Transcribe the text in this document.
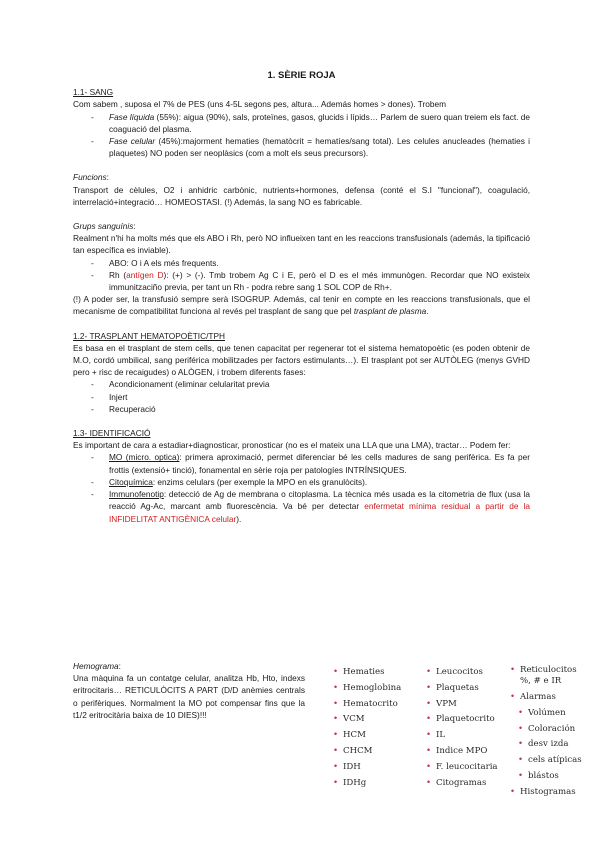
1. SÈRIE ROJA
1.1- SANG
Com sabem , suposa el 7% de PES (uns 4-5L segons pes, altura... Además homes > dones). Trobem
- Fase líquida (55%): aigua (90%), sals, proteïnes, gasos, glucids i lípids… Parlem de suero quan treiem els fact. de coaguació del plasma.
- Fase celular (45%):majorment hematies (hematòcrit = hematíes/sang total). Les celules anucleades (hematies i plaquetes) NO poden ser neoplàsics (com a molt els seus precursors).
Funcions:
Transport de cèlules, O2 i anhidric carbònic, nutrients+hormones, defensa (conté el S.I "funcional"), coagulació, interrelació+integració… HOMEOSTASI. (!) Además, la sang NO es fabricable.
Grups sanguínis:
Realment n'hi ha molts més que els ABO i Rh, però NO influeixen tant en les reaccions transfusionals (además, la tipificació tan específica es inviable).
- ABO: O i A els més frequents.
- Rh (antígen D): (+) > (-). Tmb trobem Ag C i E, però el D es el més immunògen. Recordar que NO existeix immunitzaciño previa, per tant un Rh - podra rebre sang 1 SOL COP de Rh+.
(!) A poder ser, la transfusió sempre serà ISOGRUP. Además, cal tenir en compte en les reaccions transfusionals, que el mecanisme de compatibilitat funciona al revés pel trasplant de sang que pel trasplant de plasma.
1.2- TRASPLANT HEMATOPOÈTIC/TPH
Es basa en el trasplant de stem cells, que tenen capacitat per regenerar tot el sistema hematopoètic (es poden obtenir de M.O, cordó umbilical, sang periférica mobilitzades per factors estimulants…). El trasplant pot ser AUTÒLEG (menys GVHD pero + risc de recaigudes) o ALÒGEN, i trobem diferents fases:
- Acondicionament (eliminar celularitat previa
- Injert
- Recuperació
1.3- IDENTIFICACIÓ
Es important de cara a estadiar+diagnosticar, pronosticar (no es el mateix una LLA que una LMA), tractar… Podem fer:
- MO (micro. optica): primera aproximació, permet diferenciar bé les cells madures de sang perifèrica. Es fa per frottis (extensió+ tinció), fonamental en sèrie roja per patologíes INTRÍNSIQUES.
- Citoquímica: enzims celulars (per exemple la MPO en els granulòcits).
- Immunofenotip: detecció de Ag de membrana o citoplasma. La tècnica més usada es la citometria de flux (usa la reacció Ag-Ac, marcant amb fluorescència. Va bé per detectar enfermetat mínima residual a partir de la INFIDELITAT ANTIGÈNICA celular).
Hemograma:
Una màquina fa un contatge celular, analitza Hb, Hto, indexs eritrocitaris… RETICULÒCITS A PART (D/D anèmies centrals o perifèriques. Normalment la MO pot compensar fins que la t1/2 eritrocitària baixa de 10 DIES)!!!
• Hematies
• Hemoglobina
• Hematocrito
• VCM
• HCM
• CHCM
• IDH
• IDHg
• Leucocitos
• Plaquetas
• VPM
• Plaquetocrito
• IL
• Indice MPO
• F. leucocitaria
• Citogramas
• Reticulocitos
%, # e IR
• Alarmas
• Volúmen
• Coloración
• desv izda
• cels atípicas
• blástos
• Histogramas
